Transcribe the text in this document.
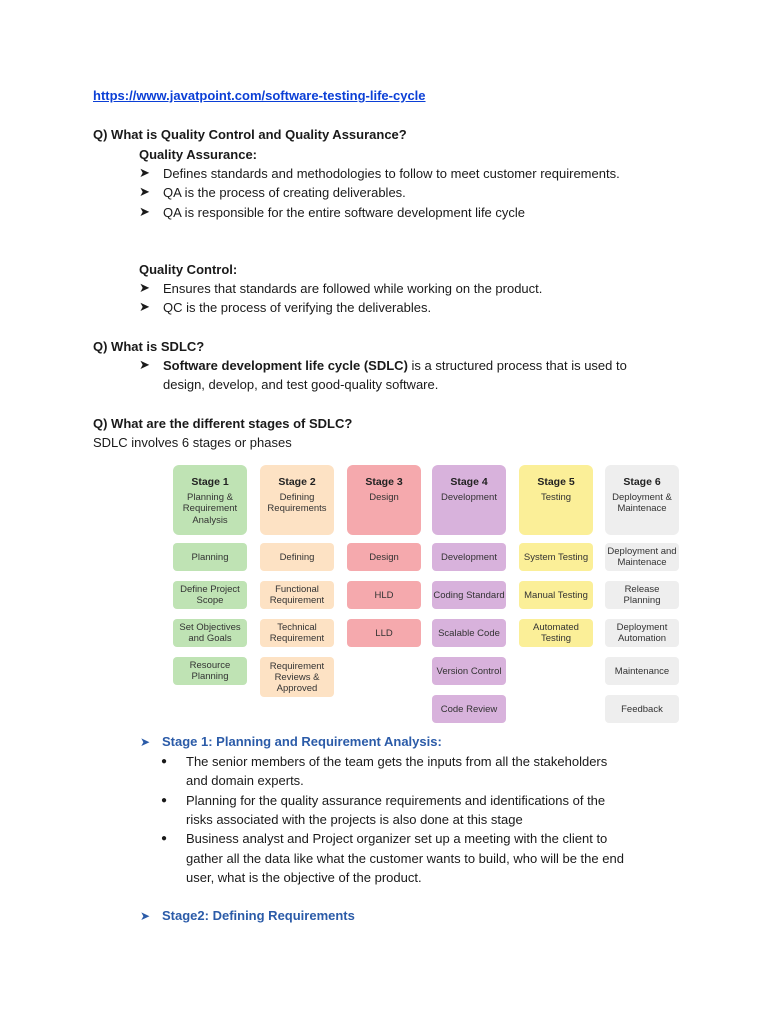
https://www.javatpoint.com/software-testing-life-cycle
Q) What is Quality Control and Quality Assurance?
Quality Assurance:
➤ Defines standards and methodologies to follow to meet customer requirements.
➤ QA is the process of creating deliverables.
➤ QA is responsible for the entire software development life cycle
Quality Control:
➤ Ensures that standards are followed while working on the product.
➤ QC is the process of verifying the deliverables.
Q) What is SDLC?
➤ Software development life cycle (SDLC) is a structured process that is used to
design, develop, and test good-quality software.
Q) What are the different stages of SDLC?
SDLC involves 6 stages or phases
Stage 1
Planning & Requirement Analysis
Planning
Define Project Scope
Set Objectives and Goals
Resource Planning
Stage 2
Defining Requirements
Defining
Functional Requirement
Technical Requirement
Requirement Reviews & Approved
Stage 3
Design
Design
HLD
LLD
Stage 4
Development
Development
Coding Standard
Scalable Code
Version Control
Code Review
Stage 5
Testing
System Testing
Manual Testing
Automated Testing
Stage 6
Deployment & Maintenace
Deployment and Maintenace
Release Planning
Deployment Automation
Maintenance
Feedback
➤ Stage 1: Planning and Requirement Analysis:
● The senior members of the team gets the inputs from all the stakeholders
and domain experts.
● Planning for the quality assurance requirements and identifications of the
risks associated with the projects is also done at this stage
● Business analyst and Project organizer set up a meeting with the client to
gather all the data like what the customer wants to build, who will be the end
user, what is the objective of the product.
➤ Stage2: Defining Requirements
